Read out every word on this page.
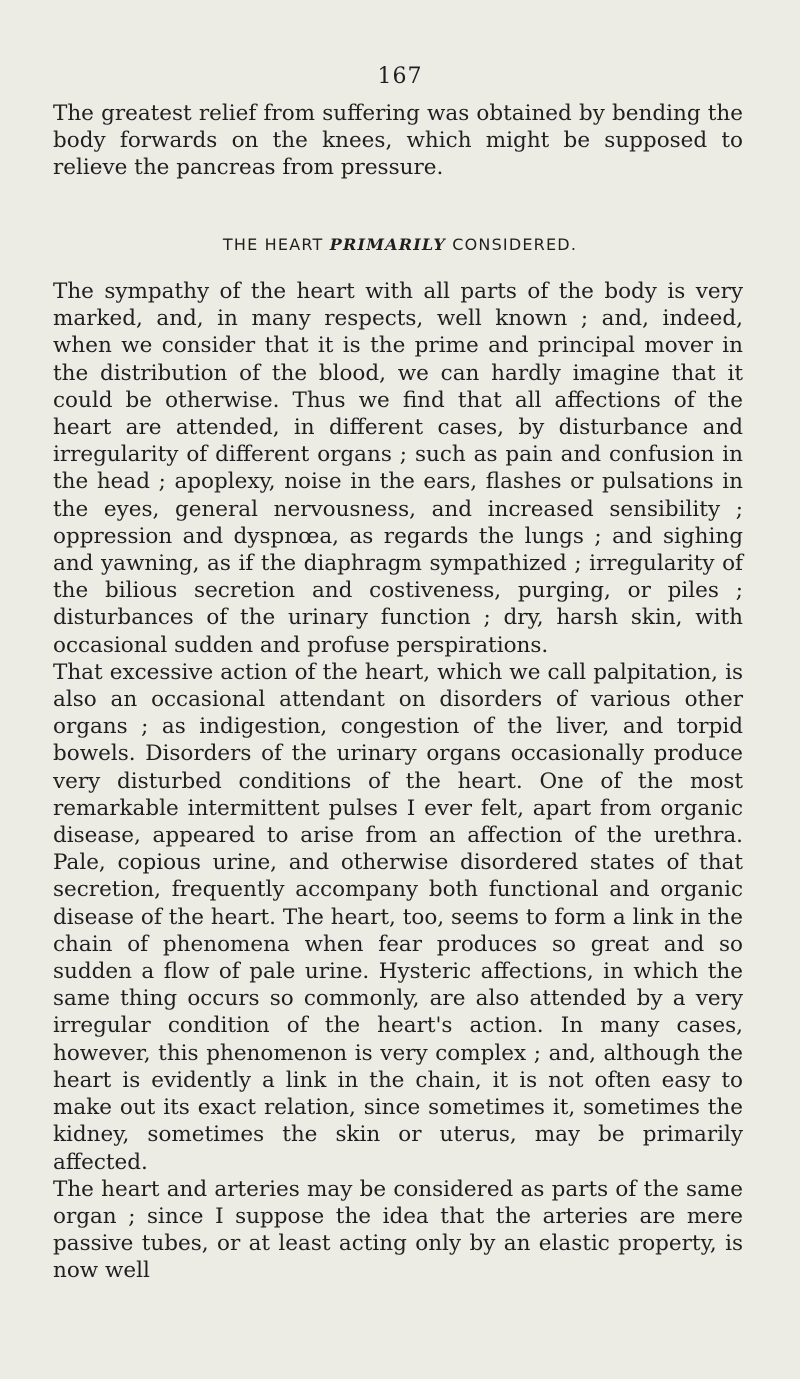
167
The greatest relief from suffering was obtained by bending the body forwards on the knees, which might be supposed to relieve the pancreas from pressure.
THE HEART PRIMARILY CONSIDERED.

The sympathy of the heart with all parts of the body is very marked, and, in many respects, well known ; and, indeed, when we consider that it is the prime and principal mover in the distribution of the blood, we can hardly imagine that it could be otherwise. Thus we find that all affections of the heart are attended, in different cases, by disturbance and irregularity of different organs ; such as pain and confusion in the head ; apoplexy, noise in the ears, flashes or pulsations in the eyes, general nervousness, and increased sensibility ; oppression and dyspnœa, as regards the lungs ; and sighing and yawning, as if the diaphragm sympathized ; irregularity of the bilious secretion and costiveness, purging, or piles ; disturbances of the urinary function ; dry, harsh skin, with occasional sudden and profuse perspirations.

That excessive action of the heart, which we call palpitation, is also an occasional attendant on disorders of various other organs ; as indigestion, congestion of the liver, and torpid bowels. Disorders of the urinary organs occasionally produce very disturbed conditions of the heart. One of the most remarkable intermittent pulses I ever felt, apart from organic disease, appeared to arise from an affection of the urethra. Pale, copious urine, and otherwise disordered states of that secretion, frequently accompany both functional and organic disease of the heart. The heart, too, seems to form a link in the chain of phenomena when fear produces so great and so sudden a flow of pale urine. Hysteric affections, in which the same thing occurs so commonly, are also attended by a very irregular condition of the heart's action. In many cases, however, this phenomenon is very complex ; and, although the heart is evidently a link in the chain, it is not often easy to make out its exact relation, since sometimes it, sometimes the kidney, sometimes the skin or uterus, may be primarily affected.

The heart and arteries may be considered as parts of the same organ ; since I suppose the idea that the arteries are mere passive tubes, or at least acting only by an elastic property, is now well
